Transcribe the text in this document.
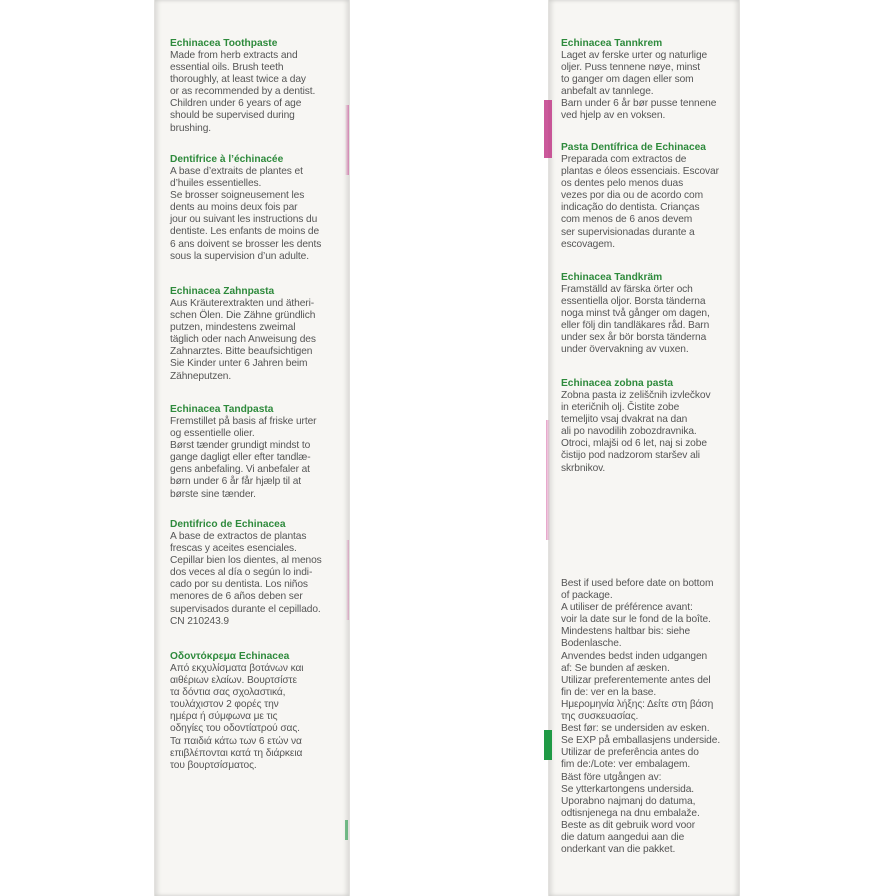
Echinacea Toothpaste

Made from herb extracts and

essential oils. Brush teeth

thoroughly, at least twice a day

or as recommended by a dentist.

Children under 6 years of age

should be supervised during

brushing.

Dentifrice à l’échinacée

A base d’extraits de plantes et

d’huiles essentielles.

Se brosser soigneusement les

dents au moins deux fois par

jour ou suivant les instructions du

dentiste. Les enfants de moins de

6 ans doivent se brosser les dents

sous la supervision d’un adulte.

Echinacea Zahnpasta

Aus Kräuterextrakten und ätheri-

schen Ölen. Die Zähne gründlich

putzen, mindestens zweimal

täglich oder nach Anweisung des

Zahnarztes. Bitte beaufsichtigen

Sie Kinder unter 6 Jahren beim

Zähneputzen.

Echinacea Tandpasta

Fremstillet på basis af friske urter

og essentielle olier.

Børst tænder grundigt mindst to

gange dagligt eller efter tandlæ-

gens anbefaling. Vi anbefaler at

børn under 6 år får hjælp til at

børste sine tænder.

Dentifrico de Echinacea

A base de extractos de plantas

frescas y aceites esenciales.

Cepillar bien los dientes, al menos

dos veces al día o según lo indi-

cado por su dentista. Los niños

menores de 6 años deben ser

supervisados durante el cepillado.

CN 210243.9

Οδοντόκρεμα Echinacea

Από εκχυλίσματα βοτάνων και

αιθέριων ελαίων. Βουρτσίστε

τα δόντια σας σχολαστικά,

τουλάχιστον 2 φορές την

ημέρα ή σύμφωνα με τις

οδηγίες του οδοντίατρού σας.

Τα παιδιά κάτω των 6 ετών να

επιβλέπονται κατά τη διάρκεια

του βουρτσίσματος.

Echinacea Tannkrem

Laget av ferske urter og naturlige

oljer. Puss tennene nøye, minst

to ganger om dagen eller som

anbefalt av tannlege.

Barn under 6 år bør pusse tennene

ved hjelp av en voksen.

Pasta Dentífrica de Echinacea

Preparada com extractos de

plantas e óleos essenciais. Escovar

os dentes pelo menos duas

vezes por dia ou de acordo com

indicação do dentista. Crianças

com menos de 6 anos devem

ser supervisionadas durante a

escovagem.

Echinacea Tandkräm

Framställd av färska örter och

essentiella oljor. Borsta tänderna

noga minst två gånger om dagen,

eller följ din tandläkares råd. Barn

under sex år bör borsta tänderna

under övervakning av vuxen.

Echinacea zobna pasta

Zobna pasta iz zeliščnih izvlečkov

in eteričnih olj. Čistite zobe

temeljito vsaj dvakrat na dan

ali po navodilih zobozdravnika.

Otroci, mlajši od 6 let, naj si zobe

čistijo pod nadzorom staršev ali

skrbnikov.

Best if used before date on bottom

of package.

A utiliser de préférence avant:

voir la date sur le fond de la boîte.

Mindestens haltbar bis: siehe

Bodenlasche.

Anvendes bedst inden udgangen

af: Se bunden af æsken.

Utilizar preferentemente antes del

fin de: ver en la base.

Ημερομηνία λήξης: Δείτε στη βάση

της συσκευασίας.

Best før: se undersiden av esken.

Se EXP på emballasjens underside.

Utilizar de preferência antes do

fim de:/Lote: ver embalagem.

Bäst före utgången av:

Se ytterkartongens undersida.

Uporabno najmanj do datuma,

odtisnjenega na dnu embalaže.

Beste as dit gebruik word voor

die datum aangedui aan die

onderkant van die pakket.
